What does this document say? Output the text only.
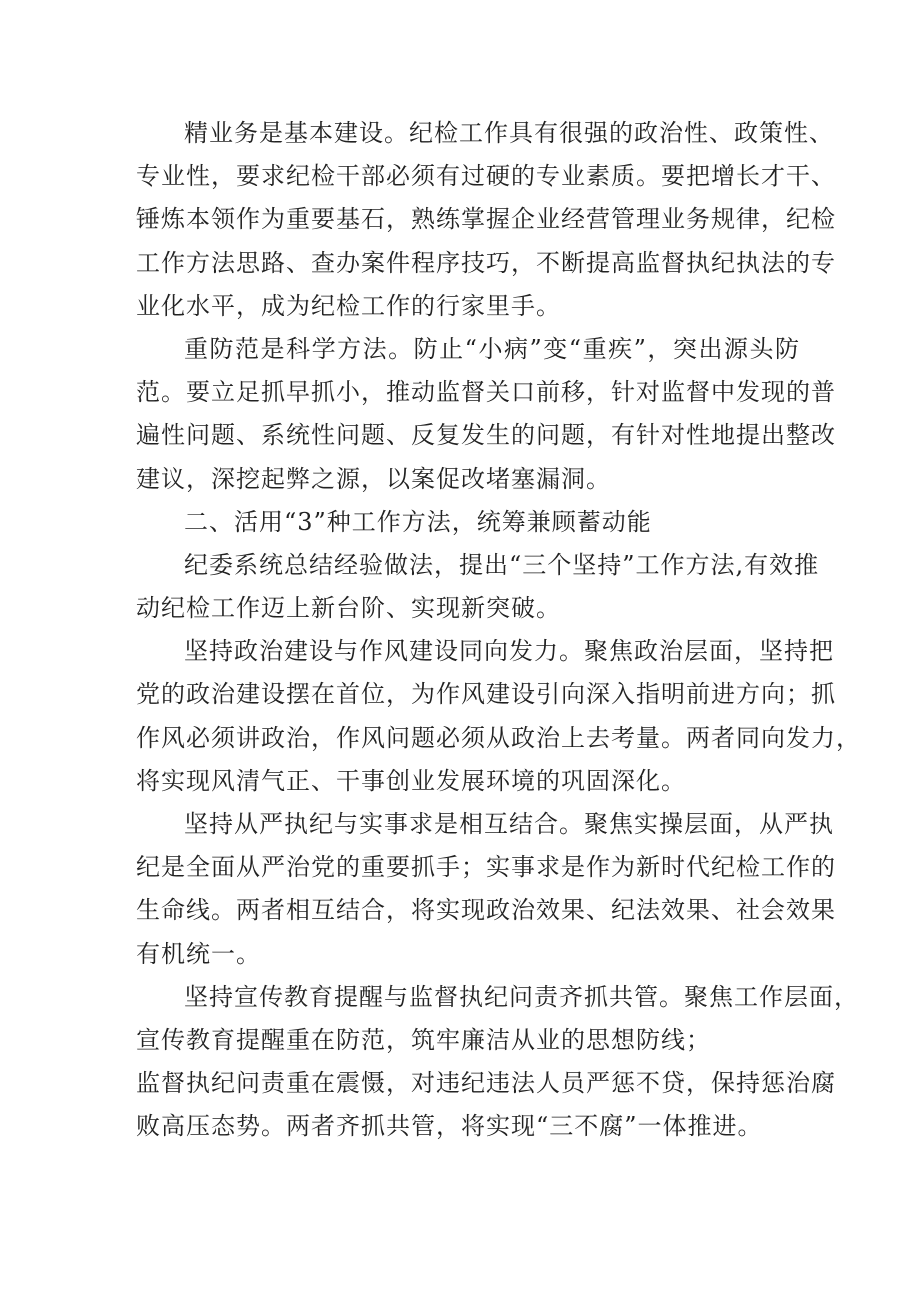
精业务是基本建设。纪检工作具有很强的政治性、政策性、
专业性，要求纪检干部必须有过硬的专业素质。要把增长才干、
锤炼本领作为重要基石，熟练掌握企业经营管理业务规律，纪检
工作方法思路、查办案件程序技巧，不断提高监督执纪执法的专
业化水平，成为纪检工作的行家里手。
重防范是科学方法。防止“小病”变“重疾”，突出源头防
范。要立足抓早抓小，推动监督关口前移，针对监督中发现的普
遍性问题、系统性问题、反复发生的问题，有针对性地提出整改
建议，深挖起弊之源，以案促改堵塞漏洞。
二、活用“3”种工作方法，统筹兼顾蓄动能
纪委系统总结经验做法，提出“三个坚持”工作方法,有效推
动纪检工作迈上新台阶、实现新突破。
坚持政治建设与作风建设同向发力。聚焦政治层面，坚持把
党的政治建设摆在首位，为作风建设引向深入指明前进方向；抓
作风必须讲政治，作风问题必须从政治上去考量。两者同向发力，
将实现风清气正、干事创业发展环境的巩固深化。
坚持从严执纪与实事求是相互结合。聚焦实操层面，从严执
纪是全面从严治党的重要抓手；实事求是作为新时代纪检工作的
生命线。两者相互结合，将实现政治效果、纪法效果、社会效果
有机统一。
坚持宣传教育提醒与监督执纪问责齐抓共管。聚焦工作层面，
宣传教育提醒重在防范，筑牢廉洁从业的思想防线；
监督执纪问责重在震慑，对违纪违法人员严惩不贷，保持惩治腐
败高压态势。两者齐抓共管，将实现“三不腐”一体推进。
